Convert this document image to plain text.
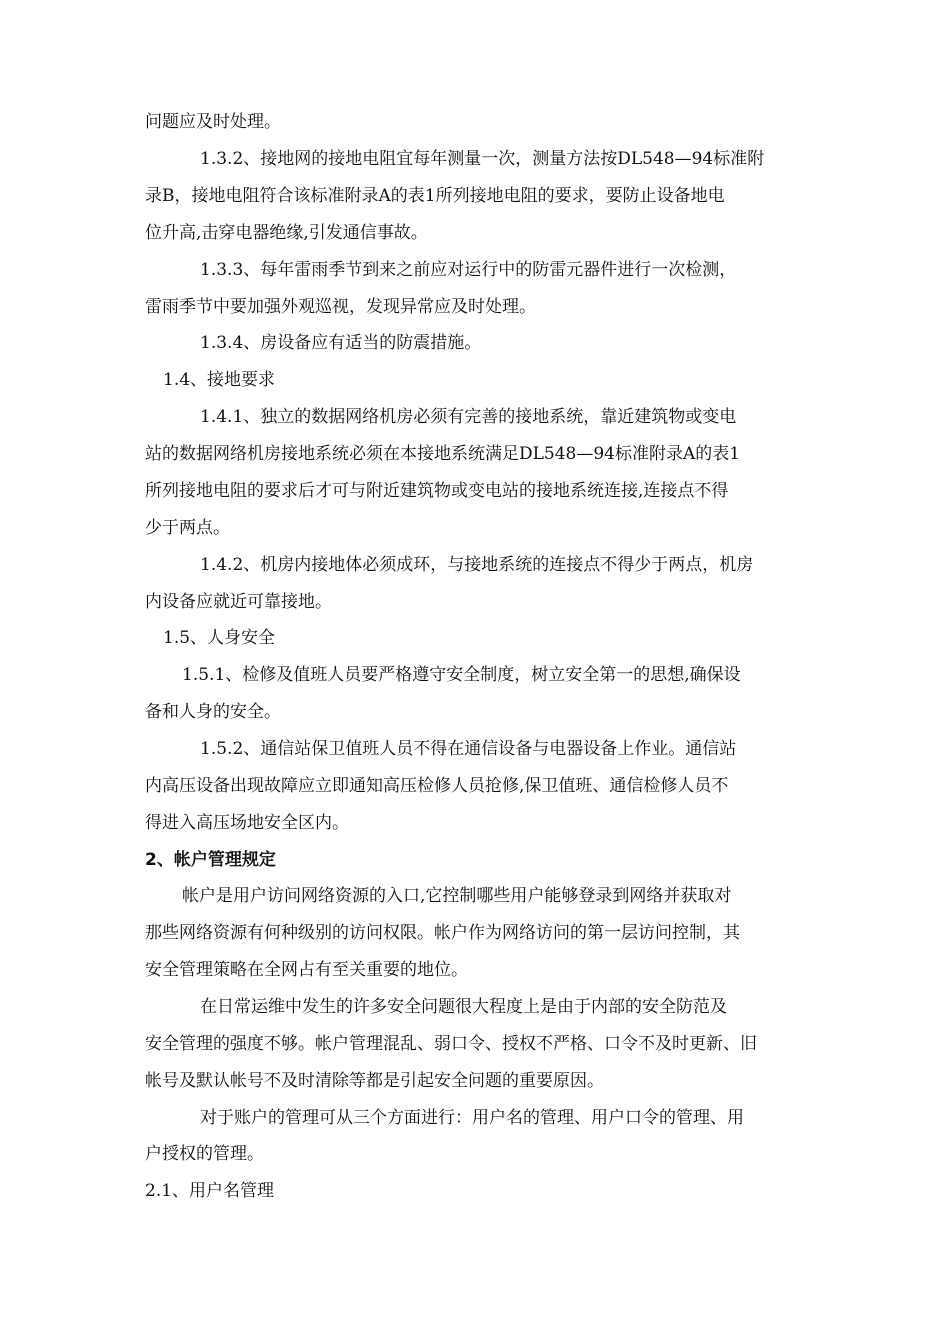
问题应及时处理。
1.3.2、接地网的接地电阻宜每年测量一次，测量方法按DL548—94标准附
录B，接地电阻符合该标准附录A的表1所列接地电阻的要求，要防止设备地电
位升高,击穿电器绝缘,引发通信事故。
1.3.3、每年雷雨季节到来之前应对运行中的防雷元器件进行一次检测，
雷雨季节中要加强外观巡视，发现异常应及时处理。
1.3.4、房设备应有适当的防震措施。
1.4、接地要求
1.4.1、独立的数据网络机房必须有完善的接地系统，靠近建筑物或变电
站的数据网络机房接地系统必须在本接地系统满足DL548—94标准附录A的表1
所列接地电阻的要求后才可与附近建筑物或变电站的接地系统连接,连接点不得
少于两点。
1.4.2、机房内接地体必须成环，与接地系统的连接点不得少于两点，机房
内设备应就近可靠接地。
1.5、人身安全
1.5.1、检修及值班人员要严格遵守安全制度，树立安全第一的思想,确保设
备和人身的安全。
1.5.2、通信站保卫值班人员不得在通信设备与电器设备上作业。通信站
内高压设备出现故障应立即通知高压检修人员抢修,保卫值班、通信检修人员不
得进入高压场地安全区内。
2、帐户管理规定
帐户是用户访问网络资源的入口,它控制哪些用户能够登录到网络并获取对
那些网络资源有何种级别的访问权限。帐户作为网络访问的第一层访问控制，其
安全管理策略在全网占有至关重要的地位。
在日常运维中发生的许多安全问题很大程度上是由于内部的安全防范及
安全管理的强度不够。帐户管理混乱、弱口令、授权不严格、口令不及时更新、旧
帐号及默认帐号不及时清除等都是引起安全问题的重要原因。
对于账户的管理可从三个方面进行：用户名的管理、用户口令的管理、用
户授权的管理。
2.1、用户名管理
